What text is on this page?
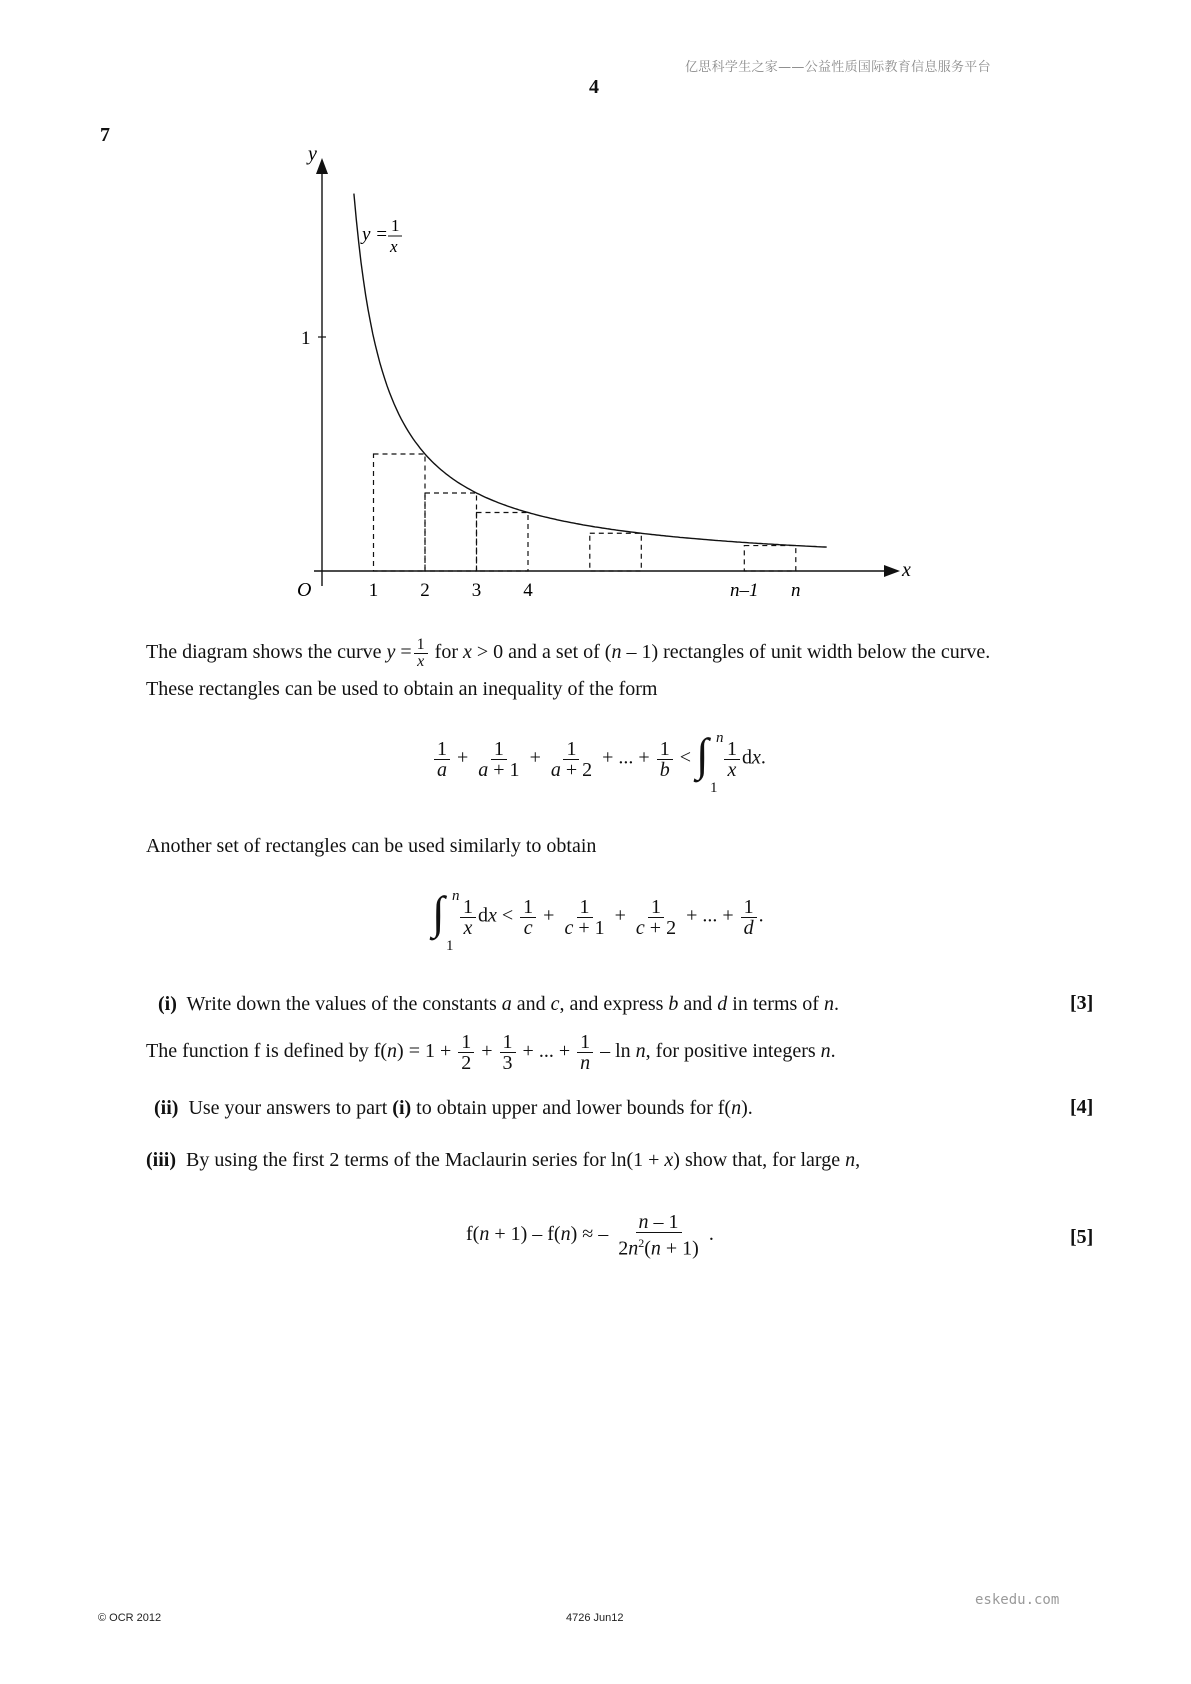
亿思科学生之家——公益性质国际教育信息服务平台
4
7
1
y
x
O	1 2 3 4	n–1 n
y = 1
x
The diagram shows the curve $y = \frac{1}{x}$ for x > 0 and a set of (n – 1) rectangles of unit width below the curve.
These rectangles can be used to obtain an inequality of the form
$\frac{1}{a} + \frac{1}{a + 1} + \frac{1}{a + 2}$ + ... + $\frac{1}{b}$ < ∫ n
1
$\frac{1}{x}$ dx.
Another set of rectangles can be used similarly to obtain
∫ n
1
$\frac{1}{x}$ dx < $\frac{1}{c} + \frac{1}{c + 1} + \frac{1}{c + 2}$ + ... + $\frac{1}{d}$ .
(i) Write down the values of the constants a and c, and express b and d in terms of n.	[3]
The function f is defined by $f(n) = 1 + \frac{1}{2} + \frac{1}{3}$ + ... + $\frac{1}{n}$ – ln n, for positive integers n.
(ii) Use your answers to part (i) to obtain upper and lower bounds for f(n).	[4]
(iii) By using the first 2 terms of the Maclaurin series for ln(1 + x) show that, for large n,
f(n + 1) – f(n) ≈ – $\frac{n - 1}{2n^2(n + 1)}$ .	[5]
eskedu.com
© OCR 2012	4726 Jun12
